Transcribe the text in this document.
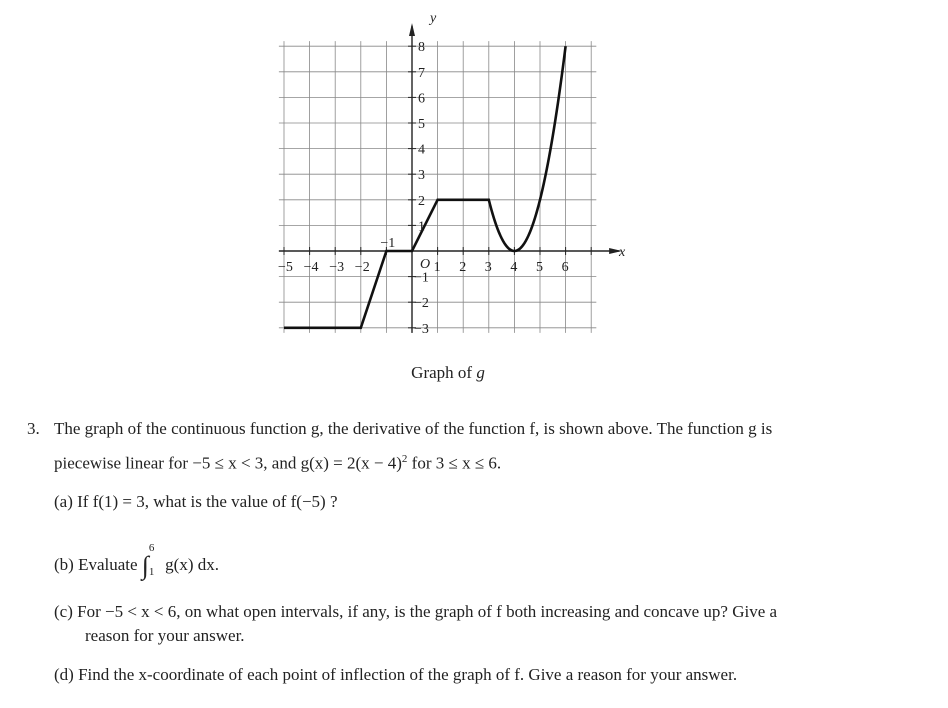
−5 −4 −3 −2
−1
1 2 3 4 5 6
8
7
6
5
4
3
2
1
−1
−2
−3
x
y
O
Graph of g
3. The graph of the continuous function g, the derivative of the function f, is shown above. The function g is
piecewise linear for −5 ≤ x < 3, and $g(x) = 2(x - 4)^2$ for 3 ≤ x ≤ 6.
(a) If f(1) = 3, what is the value of f(−5) ?
(b) Evaluate ∫
6
1 g(x) dx.
(c) For −5 < x < 6, on what open intervals, if any, is the graph of f both increasing and concave up? Give a
reason for your answer.
(d) Find the x-coordinate of each point of inflection of the graph of f. Give a reason for your answer.
